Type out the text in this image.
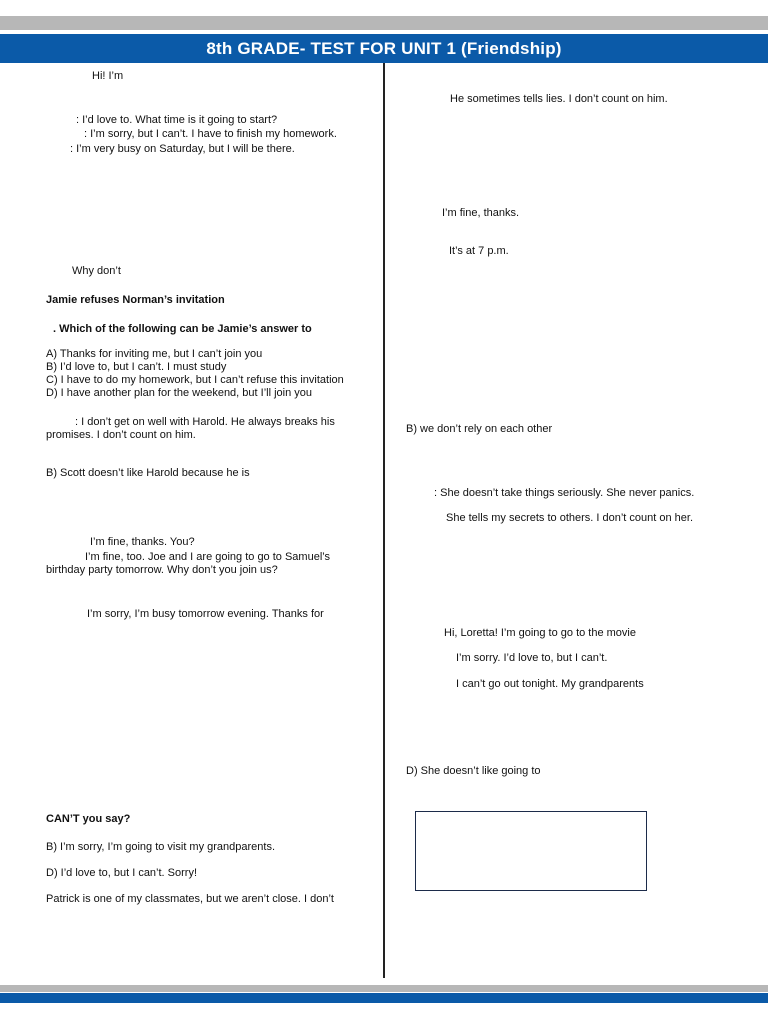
8th GRADE- TEST FOR UNIT 1 (Friendship)

Hi! I’m

: I’d love to. What time is it going to start?

: I’m sorry, but I can’t. I have to finish my homework.

: I’m very busy on Saturday, but I will be there.

Why don’t

Jamie refuses Norman’s invitation

. Which of the following can be Jamie’s answer to

A) Thanks for inviting me, but I can’t join you

B) I’d love to, but I can’t. I must study

C) I have to do my homework, but I can’t refuse this invitation

D) I have another plan for the weekend, but I’ll join you

: I don’t get on well with Harold. He always breaks his

promises. I don’t count on him.

B) Scott doesn’t like Harold because he is

I’m fine, thanks. You?

I’m fine, too. Joe and I are going to go to Samuel’s

birthday party tomorrow. Why don’t you join us?

I’m sorry, I’m busy tomorrow evening. Thanks for

CAN’T you say?

B) I’m sorry, I’m going to visit my grandparents.

D) I’d love to, but I can’t. Sorry!

Patrick is one of my classmates, but we aren’t close. I don’t

He sometimes tells lies. I don’t count on him.

I’m fine, thanks.

It’s at 7 p.m.

B) we don’t rely on each other

: She doesn’t take things seriously. She never panics.

She tells my secrets to others. I don’t count on her.

Hi, Loretta! I’m going to go to the movie

I’m sorry. I’d love to, but I can’t.

I can’t go out tonight. My grandparents

D) She doesn’t like going to
